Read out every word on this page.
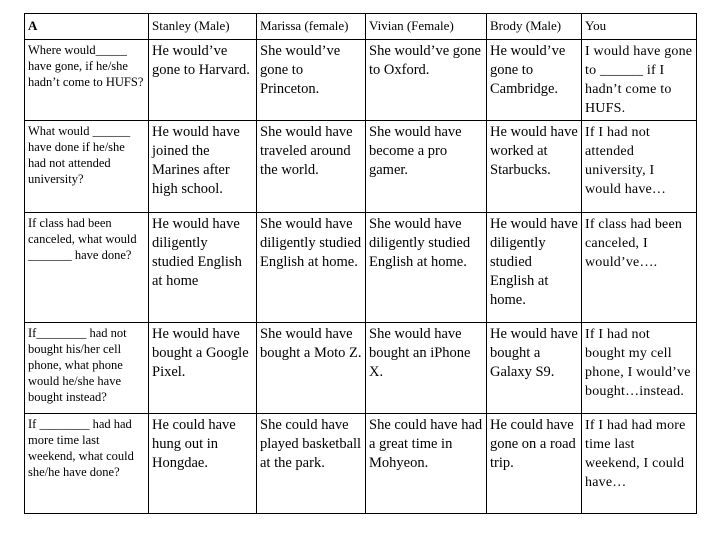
A	Stanley (Male)	Marissa (female)	Vivian (Female)	Brody (Male)	You
Where would_____ have gone, if he/she hadn’t come to HUFS?	He would’ve gone to Harvard.	She would’ve gone to Princeton.	She would’ve gone to Oxford.	He would’ve gone to Cambridge.	I would have gone to ______ if I hadn’t come to HUFS.
What would ______ have done if he/she had not attended university?	He would have joined the Marines after high school.	She would have traveled around the world.	She would have become a pro gamer.	He would have worked at Starbucks.	If I had not attended university, I would have…
If class had been canceled, what would _______ have done?	He would have diligently studied English at home	She would have diligently studied English at home.	She would have diligently studied English at home.	He would have diligently studied English at home.	If class had been canceled, I would’ve….
If________ had not bought his/her cell phone, what phone would he/she have bought instead?	He would have bought a Google Pixel.	She would have bought a Moto Z.	She would have bought an iPhone X.	He would have bought a Galaxy S9.	If I had not bought my cell phone, I would’ve bought…instead.
If ________ had had more time last weekend, what could she/he have done?	He could have hung out in Hongdae.	She could have played basketball at the park.	She could have had a great time in Mohyeon.	He could have gone on a road trip.	If I had had more time last weekend, I could have…
